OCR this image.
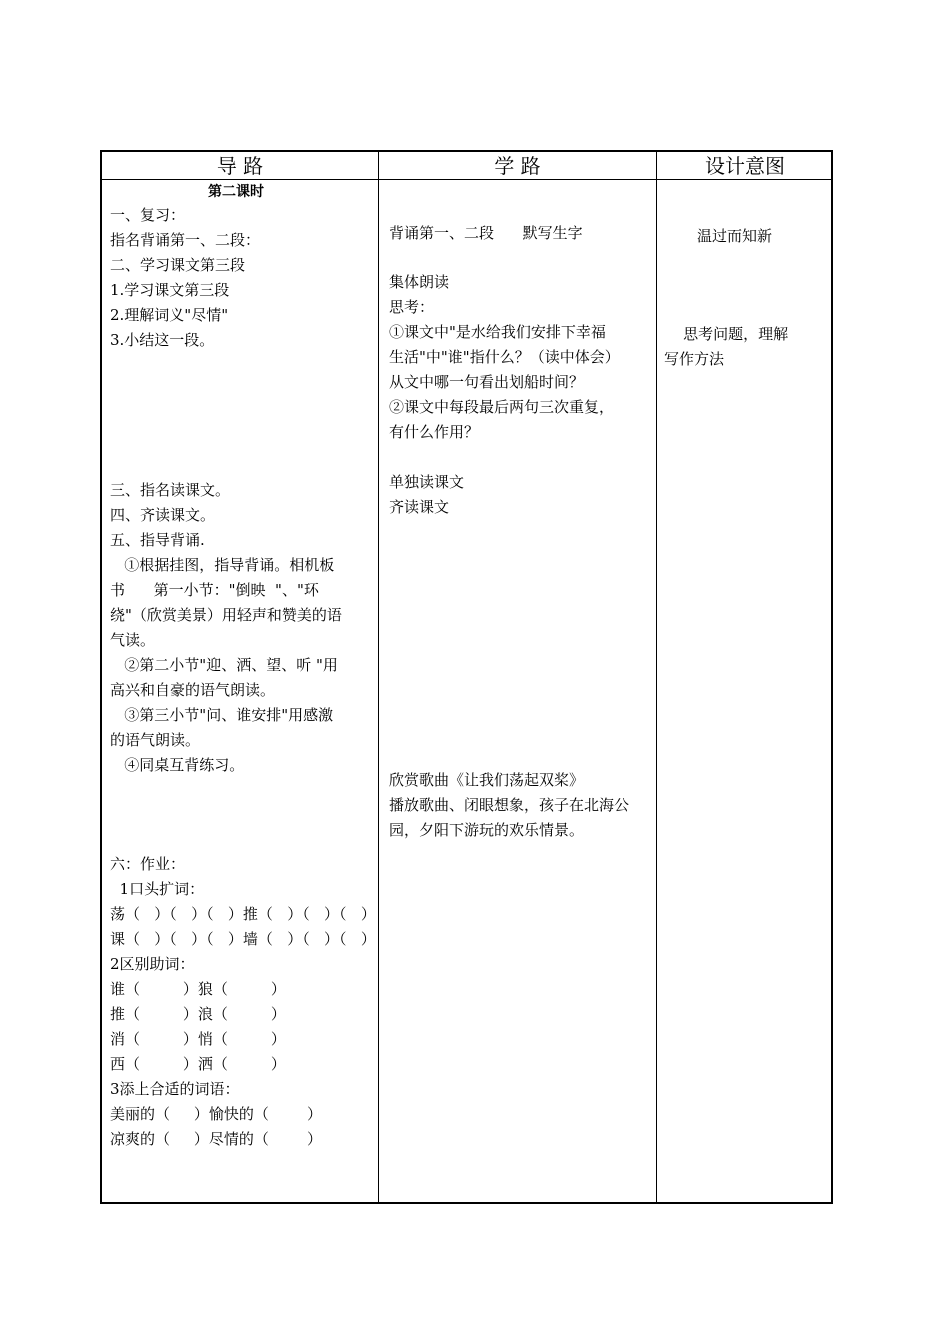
导 路	学 路	设计意图
第二课时
一、复习：
指名背诵第一、二段：
二、学习课文第三段
1.学习课文第三段
2.理解词义"尽情"
3.小结这一段。
三、指名读课文。
四、齐读课文。
五、指导背诵.
①根据挂图，指导背诵。相机板
书      第一小节："倒映  "、"环
绕"（欣赏美景）用轻声和赞美的语
气读。
②第二小节"迎、洒、望、听 "用
高兴和自豪的语气朗读。
③第三小节"问、谁安排"用感激
的语气朗读。
④同桌互背练习。
六：作业：
1口头扩词：
荡（   ）（   ）（   ）推（   ）（   ）（   ）
课（   ）（   ）（   ）墙（   ）（   ）（   ）
2区别助词：
谁（         ）狼（         ）
推（         ）浪（         ）
消（         ）悄（         ）
西（         ）洒（         ）
3添上合适的词语：
美丽的（     ）愉快的（        ）
凉爽的（     ）尽情的（        ）
背诵第一、二段      默写生字
集体朗读
思考：
①课文中"是水给我们安排下幸福
生活"中"谁"指什么？（读中体会）
从文中哪一句看出划船时间？
②课文中每段最后两句三次重复，
有什么作用？
单独读课文
齐读课文
欣赏歌曲《让我们荡起双桨》
播放歌曲、闭眼想象，孩子在北海公
园，夕阳下游玩的欢乐情景。
温过而知新
思考问题，理解
写作方法
